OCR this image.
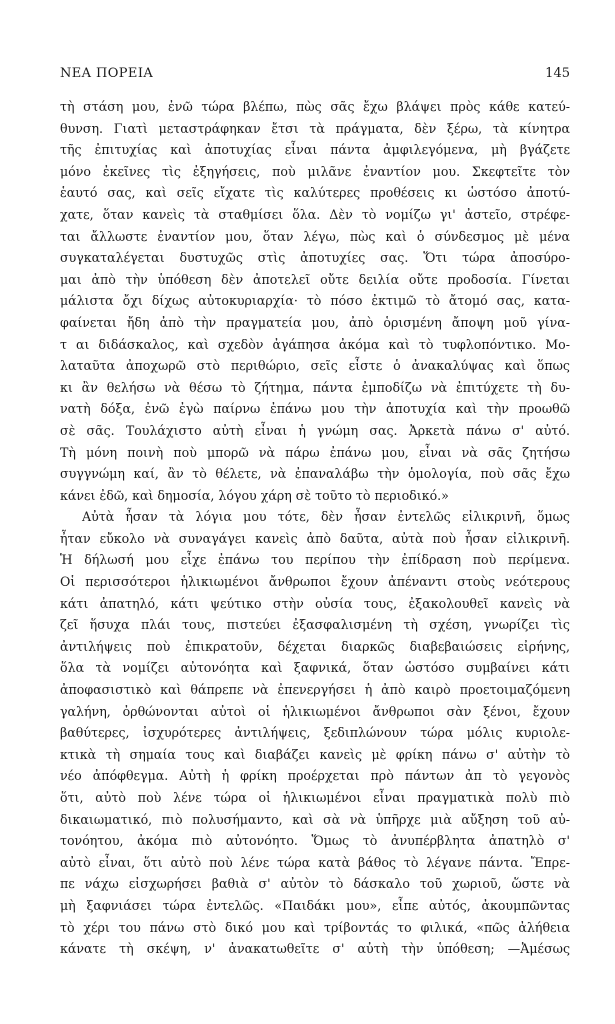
ΝΕΑ ΠΟΡΕΙΑ	145
τὴ στάση μου, ἐνῶ τώρα βλέπω, πὼς σᾶς ἔχω βλάψει πρὸς κάθε κατεύ-
θυνση. Γιατὶ μεταστράφηκαν ἔτσι τὰ πράγματα, δὲν ξέρω, τὰ κίνητρα
τῆς ἐπιτυχίας καὶ ἀποτυχίας εἶναι πάντα ἀμφιλεγόμενα, μὴ βγάζετε
μόνο ἐκεῖνες τὶς ἐξηγήσεις, ποὺ μιλᾶνε ἐναντίον μου. Σκεφτεῖτε τὸν
ἑαυτό σας, καὶ σεῖς εἴχατε τὶς καλύτερες προθέσεις κι ὡστόσο ἀποτύ-
χατε, ὅταν κανεὶς τὰ σταθμίσει ὅλα. Δὲν τὸ νομίζω γι' ἀστεῖο, στρέφε-
ται ἄλλωστε ἐναντίον μου, ὅταν λέγω, πὼς καὶ ὁ σύνδεσμος μὲ μένα
συγκαταλέγεται δυστυχῶς στὶς ἀποτυχίες σας. Ὅτι τώρα ἀποσύρο-
μαι ἀπὸ τὴν ὑπόθεση δὲν ἀποτελεῖ οὔτε δειλία οὔτε προδοσία. Γίνεται
μάλιστα ὄχι δίχως αὐτοκυριαρχία· τὸ πόσο ἐκτιμῶ τὸ ἄτομό σας, κατα-
φαίνεται ἤδη ἀπὸ τὴν πραγματεία μου, ἀπὸ ὁρισμένη ἄποψη μοῦ γίνα-
τ αι διδάσκαλος, καὶ σχεδὸν ἀγάπησα ἀκόμα καὶ τὸ τυφλοπόντικο. Μο-
λαταῦτα ἀποχωρῶ στὸ περιθώριο, σεῖς εἶστε ὁ ἀνακαλύψας καὶ ὅπως
κι ἂν θελήσω νὰ θέσω τὸ ζήτημα, πάντα ἐμποδίζω νὰ ἐπιτύχετε τὴ δυ-
νατὴ δόξα, ἐνῶ ἐγὼ παίρνω ἐπάνω μου τὴν ἀποτυχία καὶ τὴν προωθῶ
σὲ σᾶς. Τουλάχιστο αὐτὴ εἶναι ἡ γνώμη σας. Ἀρκετὰ πάνω σ' αὐτό.
Τὴ μόνη ποινὴ ποὺ μπορῶ νὰ πάρω ἐπάνω μου, εἶναι νὰ σᾶς ζητήσω
συγγνώμη καί, ἂν τὸ θέλετε, νὰ ἐπαναλάβω τὴν ὁμολογία, ποὺ σᾶς ἔχω
κάνει ἐδῶ, καὶ δημοσία, λόγου χάρη σὲ τοῦτο τὸ περιοδικό.»
Αὐτὰ ἦσαν τὰ λόγια μου τότε, δὲν ἦσαν ἐντελῶς εἰλικρινῆ, ὅμως
ἦταν εὔκολο νὰ συναγάγει κανεὶς ἀπὸ δαῦτα, αὐτὰ ποὺ ἦσαν εἰλικρινῆ.
Ἡ δήλωσή μου εἶχε ἐπάνω του περίπου τὴν ἐπίδραση ποὺ περίμενα.
Οἱ περισσότεροι ἡλικιωμένοι ἄνθρωποι ἔχουν ἀπέναντι στοὺς νεότερους
κάτι ἀπατηλό, κάτι ψεύτικο στὴν οὐσία τους, ἐξακολουθεῖ κανεὶς νὰ
ζεῖ ἥσυχα πλάι τους, πιστεύει ἐξασφαλισμένη τὴ σχέση, γνωρίζει τὶς
ἀντιλήψεις ποὺ ἐπικρατοῦν, δέχεται διαρκῶς διαβεβαιώσεις εἰρήνης,
ὅλα τὰ νομίζει αὐτονόητα καὶ ξαφνικά, ὅταν ὡστόσο συμβαίνει κάτι
ἀποφασιστικὸ καὶ θάπρεπε νὰ ἐπενεργήσει ἡ ἀπὸ καιρὸ προετοιμαζόμενη
γαλήνη, ὀρθώνονται αὐτοὶ οἱ ἡλικιωμένοι ἄνθρωποι σὰν ξένοι, ἔχουν
βαθύτερες, ἰσχυρότερες ἀντιλήψεις, ξεδιπλώνουν τώρα μόλις κυριολε-
κτικὰ τὴ σημαία τους καὶ διαβάζει κανεὶς μὲ φρίκη πάνω σ' αὐτὴν τὸ
νέο ἀπόφθεγμα. Αὐτὴ ἡ φρίκη προέρχεται πρὸ πάντων ἀπ τὸ γεγονὸς
ὅτι, αὐτὸ ποὺ λένε τώρα οἱ ἡλικιωμένοι εἶναι πραγματικὰ πολὺ πιὸ
δικαιωματικό, πιὸ πολυσήμαντο, καὶ σὰ νὰ ὑπῆρχε μιὰ αὔξηση τοῦ αὐ-
τονόητου, ἀκόμα πιὸ αὐτονόητο. Ὅμως τὸ ἀνυπέρβλητα ἀπατηλὸ σ'
αὐτὸ εἶναι, ὅτι αὐτὸ ποὺ λένε τώρα κατὰ βάθος τὸ λέγανε πάντα. Ἔπρε-
πε νάχω εἰσχωρήσει βαθιὰ σ' αὐτὸν τὸ δάσκαλο τοῦ χωριοῦ, ὥστε νὰ
μὴ ξαφνιάσει τώρα ἐντελῶς. «Παιδάκι μου», εἶπε αὐτός, ἀκουμπῶντας
τὸ χέρι του πάνω στὸ δικό μου καὶ τρίβοντάς το φιλικά, «πῶς ἀλήθεια
κάνατε τὴ σκέψη, ν' ἀνακατωθεῖτε σ' αὐτὴ τὴν ὑπόθεση; —Ἀμέσως
